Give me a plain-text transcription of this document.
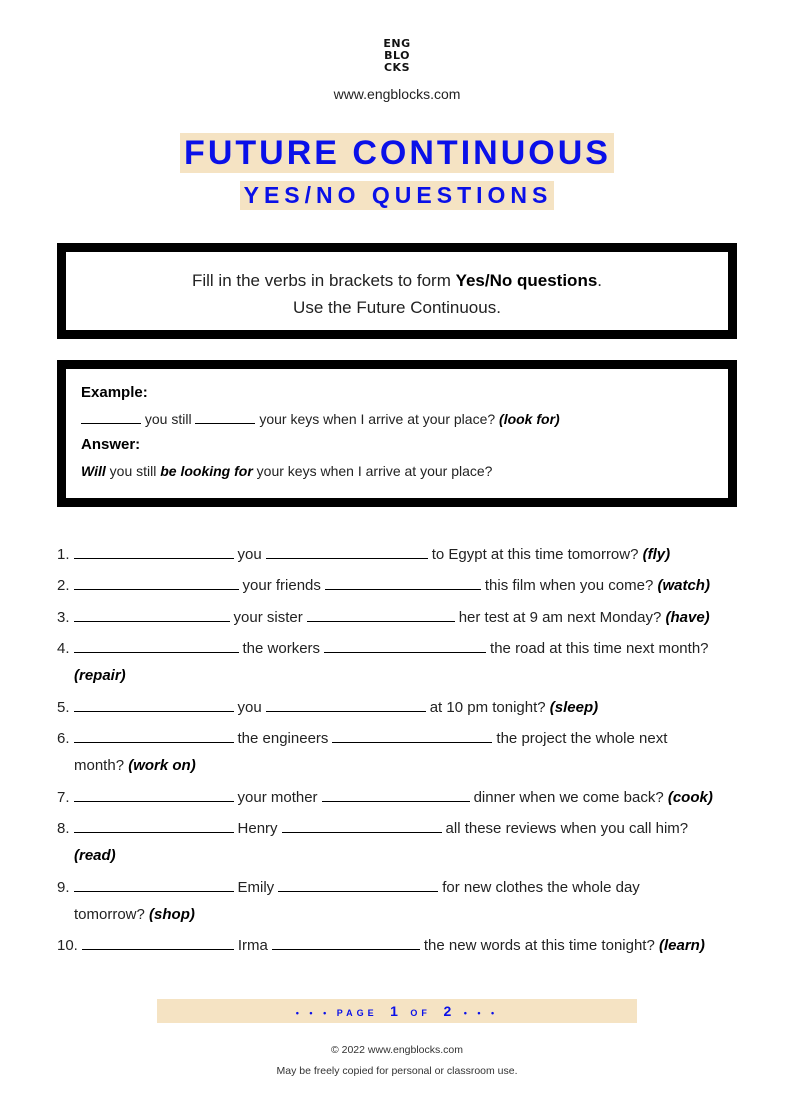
ENG
BLO
CKS
www.engblocks.com
FUTURE CONTINUOUS
YES/NO QUESTIONS
Fill in the verbs in brackets to form Yes/No questions.
Use the Future Continuous.
Example:
you still	your keys when I arrive at your place? (look for)
Answer:
Will you still be looking for your keys when I arrive at your place?
1.	you	to Egypt at this time tomorrow? (fly)
2.	your friends	this film when you come? (watch)
3.	your sister	her test at 9 am next Monday? (have)
4.	the workers	the road at this time next month?
(repair)
5.	you	at 10 pm tonight? (sleep)
6.	the engineers	the project the whole next
month? (work on)
7.	your mother	dinner when we come back? (cook)
8.	Henry	all these reviews when you call him?
(read)
9.	Emily	for new clothes the whole day
tomorrow? (shop)
10.	Irma	the new words at this time tonight? (learn)
• • • PAGE 1 OF 2 • • •
© 2022 www.engblocks.com
May be freely copied for personal or classroom use.
